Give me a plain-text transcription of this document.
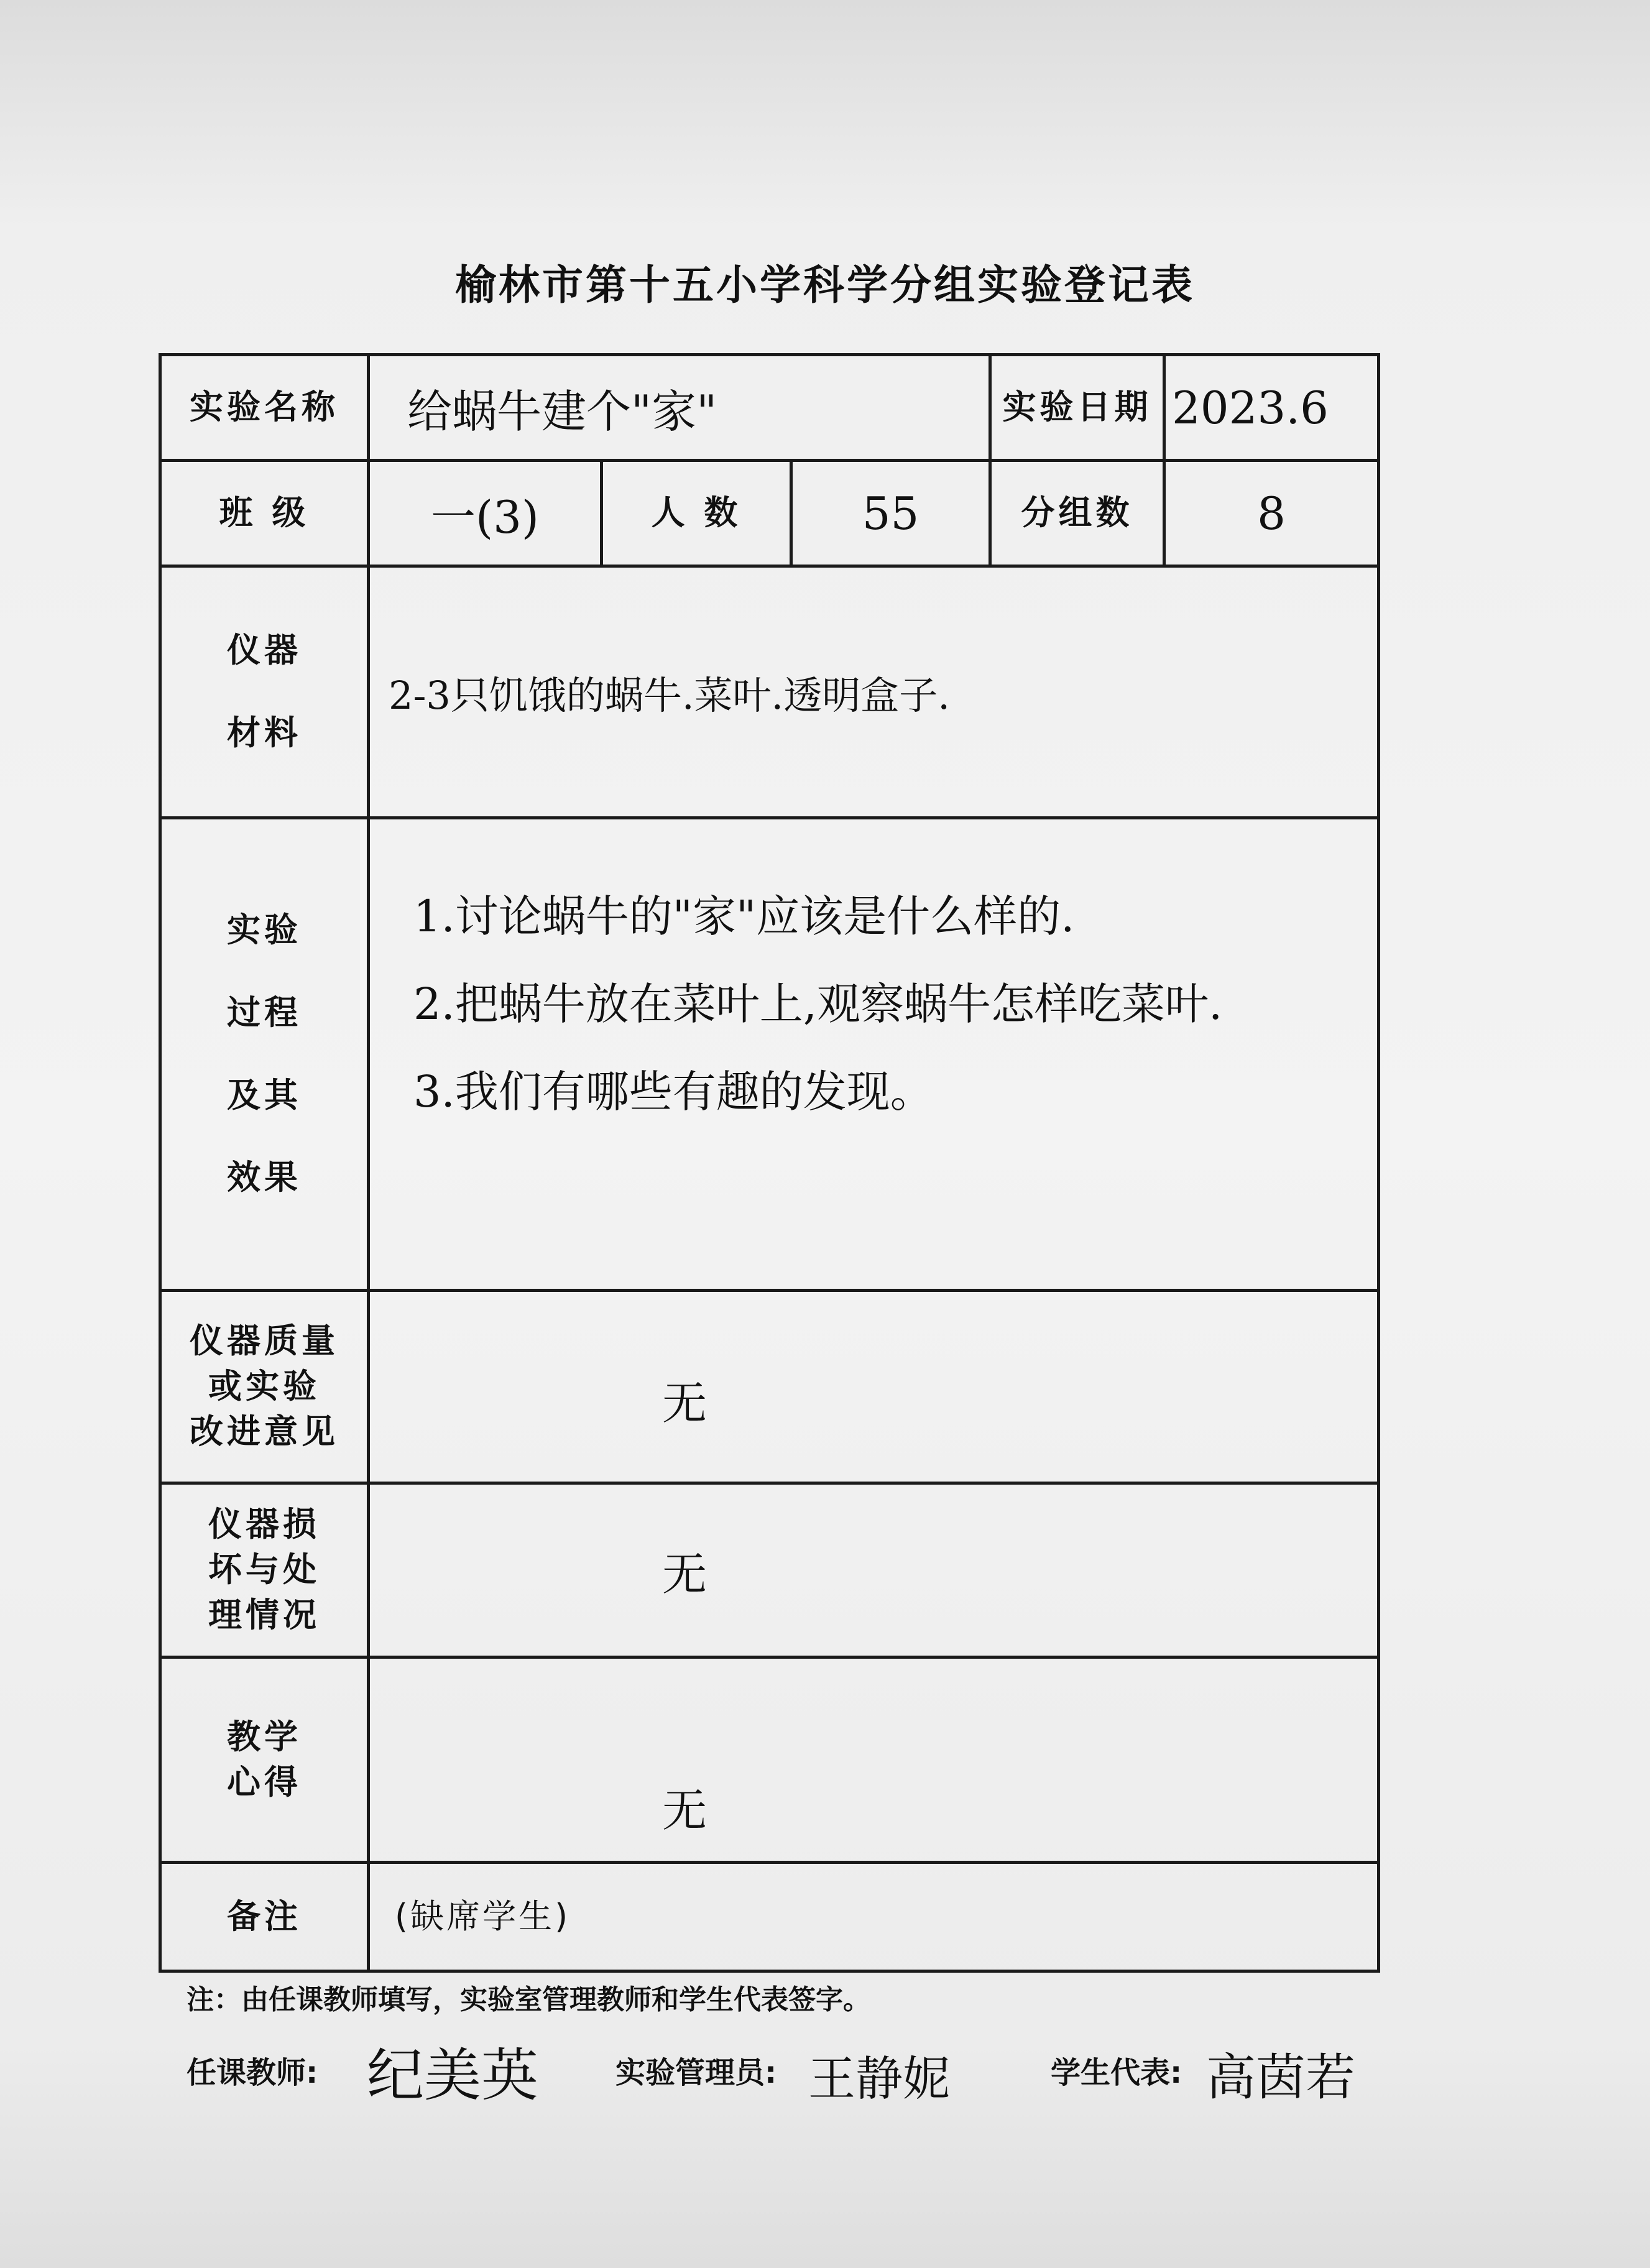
榆林市第十五小学科学分组实验登记表
实验名称	给蜗牛建个"家"			实验日期	2023.6
班 级	一(3)	人 数	55	分组数	8

仪器
材料	2-3只饥饿的蜗牛.菜叶.透明盒子.				

实验
过程
及其
效果	1.讨论蜗牛的"家"应该是什么样的.
2.把蜗牛放在菜叶上,观察蜗牛怎样吃菜叶.
3.我们有哪些有趣的发现。				

仪器质量
或实验
改进意见	无				

仪器损
坏与处
理情况	无				

教学
心得	无				
备注	(缺席学生)				
注：由任课教师填写，实验室管理教师和学生代表签字。
任课教师: 纪美英	实验管理员: 王静妮	学生代表: 高茵若
